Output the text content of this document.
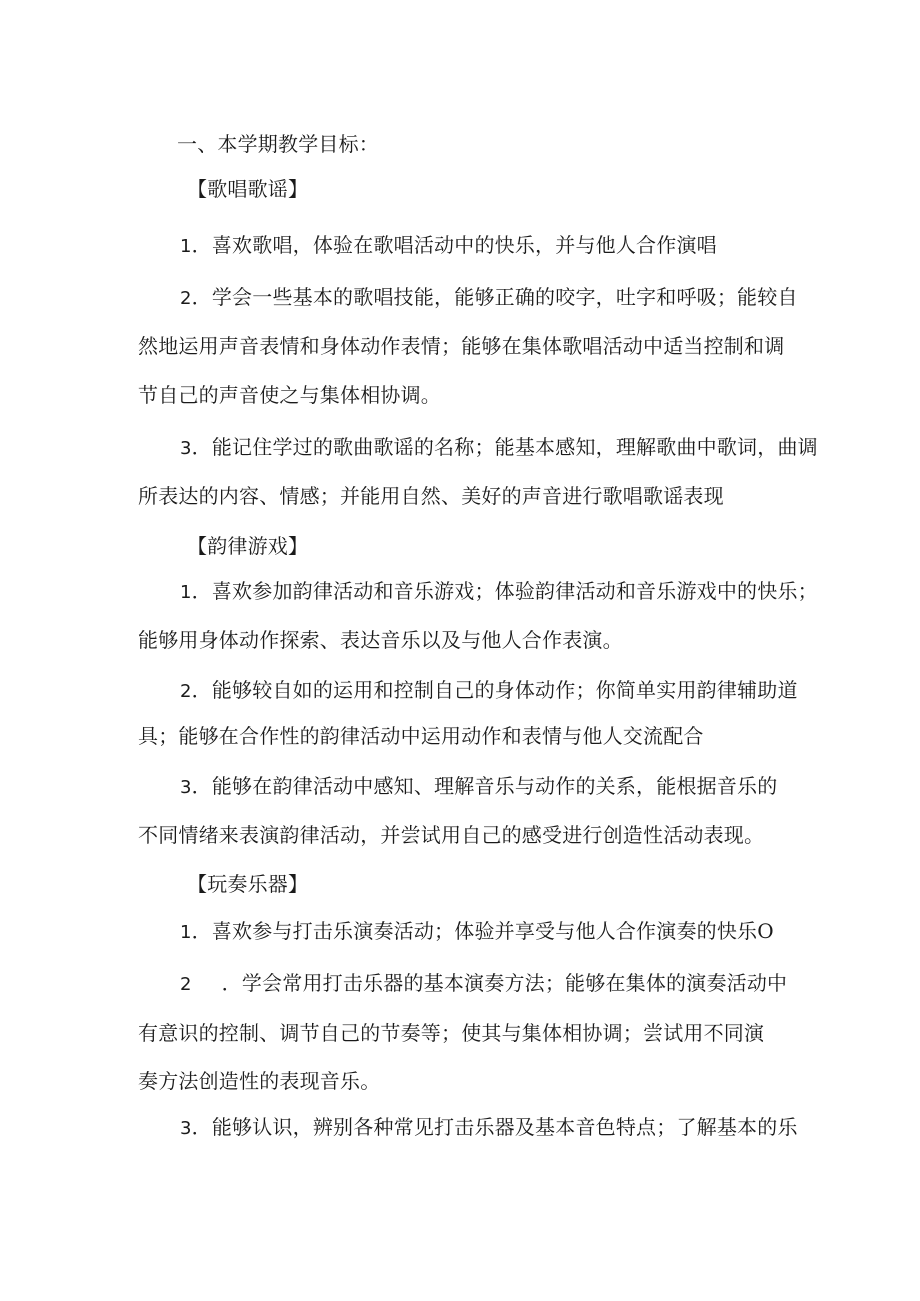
一、本学期教学目标：
【歌唱歌谣】
1．喜欢歌唱，体验在歌唱活动中的快乐，并与他人合作演唱
2．学会一些基本的歌唱技能，能够正确的咬字，吐字和呼吸；能较自
然地运用声音表情和身体动作表情；能够在集体歌唱活动中适当控制和调
节自己的声音使之与集体相协调。
3．能记住学过的歌曲歌谣的名称；能基本感知，理解歌曲中歌词，曲调
所表达的内容、情感；并能用自然、美好的声音进行歌唱歌谣表现
【韵律游戏】
1．喜欢参加韵律活动和音乐游戏；体验韵律活动和音乐游戏中的快乐；
能够用身体动作探索、表达音乐以及与他人合作表演。
2．能够较自如的运用和控制自己的身体动作；你简单实用韵律辅助道
具；能够在合作性的韵律活动中运用动作和表情与他人交流配合
3．能够在韵律活动中感知、理解音乐与动作的关系，能根据音乐的
不同情绪来表演韵律活动，并尝试用自己的感受进行创造性活动表现。
【玩奏乐器】
1．喜欢参与打击乐演奏活动；体验并享受与他人合作演奏的快乐O
2 ．学会常用打击乐器的基本演奏方法；能够在集体的演奏活动中
有意识的控制、调节自己的节奏等；使其与集体相协调；尝试用不同演
奏方法创造性的表现音乐。
3．能够认识，辨别各种常见打击乐器及基本音色特点；了解基本的乐
